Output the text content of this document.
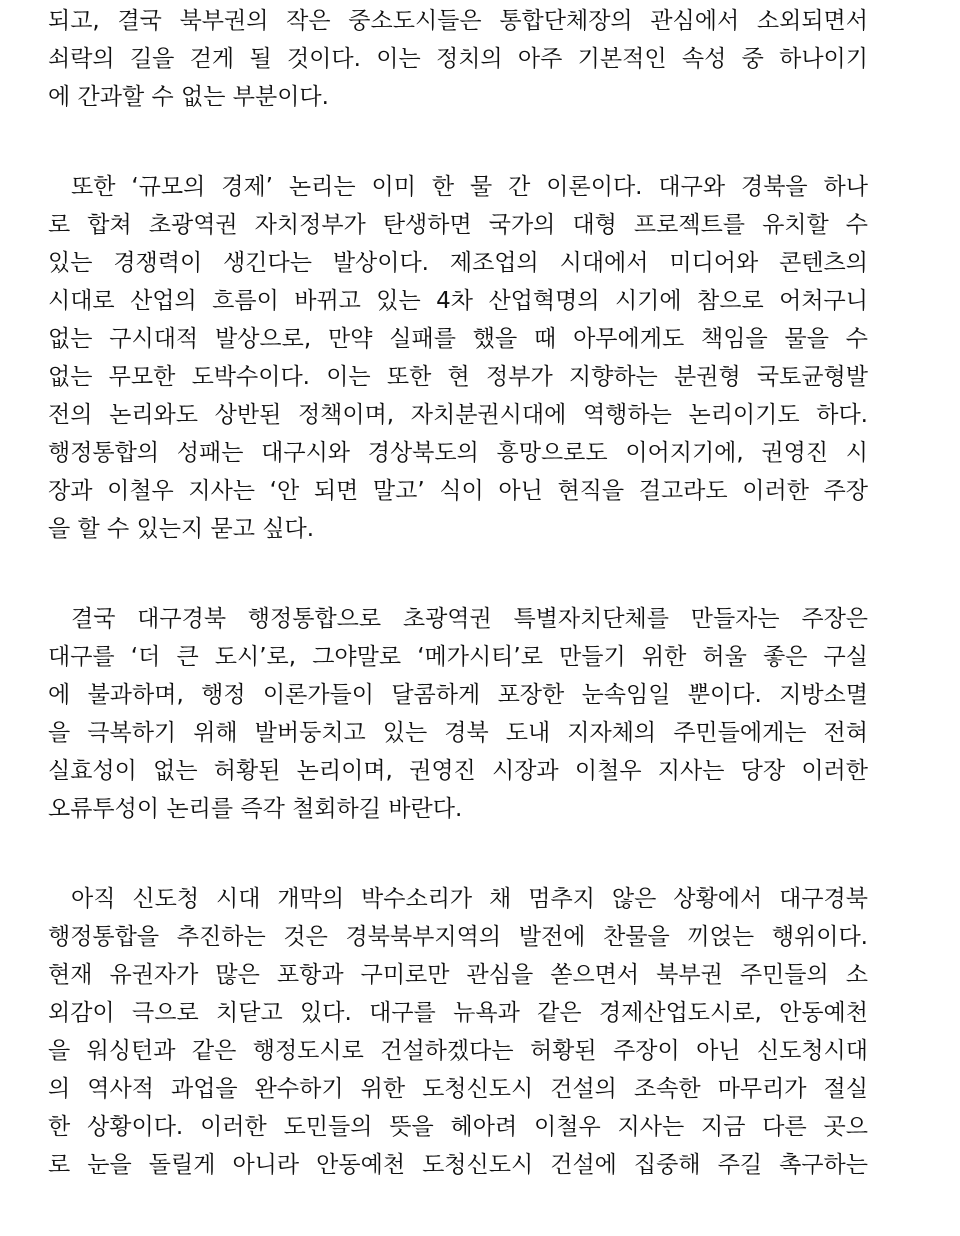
되고, 결국 북부권의 작은 중소도시들은 통합단체장의 관심에서 소외되면서
쇠락의 길을 걷게 될 것이다. 이는 정치의 아주 기본적인 속성 중 하나이기
에 간과할 수 없는 부분이다.
또한 ‘규모의 경제’ 논리는 이미 한 물 간 이론이다. 대구와 경북을 하나
로 합쳐 초광역권 자치정부가 탄생하면 국가의 대형 프로젝트를 유치할 수
있는 경쟁력이 생긴다는 발상이다. 제조업의 시대에서 미디어와 콘텐츠의
시대로 산업의 흐름이 바뀌고 있는 4차 산업혁명의 시기에 참으로 어처구니
없는 구시대적 발상으로, 만약 실패를 했을 때 아무에게도 책임을 물을 수
없는 무모한 도박수이다. 이는 또한 현 정부가 지향하는 분권형 국토균형발
전의 논리와도 상반된 정책이며, 자치분권시대에 역행하는 논리이기도 하다.
행정통합의 성패는 대구시와 경상북도의 흥망으로도 이어지기에, 권영진 시
장과 이철우 지사는 ‘안 되면 말고’ 식이 아닌 현직을 걸고라도 이러한 주장
을 할 수 있는지 묻고 싶다.
결국 대구경북 행정통합으로 초광역권 특별자치단체를 만들자는 주장은
대구를 ‘더 큰 도시’로, 그야말로 ‘메가시티’로 만들기 위한 허울 좋은 구실
에 불과하며, 행정 이론가들이 달콤하게 포장한 눈속임일 뿐이다. 지방소멸
을 극복하기 위해 발버둥치고 있는 경북 도내 지자체의 주민들에게는 전혀
실효성이 없는 허황된 논리이며, 권영진 시장과 이철우 지사는 당장 이러한
오류투성이 논리를 즉각 철회하길 바란다.
아직 신도청 시대 개막의 박수소리가 채 멈추지 않은 상황에서 대구경북
행정통합을 추진하는 것은 경북북부지역의 발전에 찬물을 끼얹는 행위이다.
현재 유권자가 많은 포항과 구미로만 관심을 쏟으면서 북부권 주민들의 소
외감이 극으로 치닫고 있다. 대구를 뉴욕과 같은 경제산업도시로, 안동예천
을 워싱턴과 같은 행정도시로 건설하겠다는 허황된 주장이 아닌 신도청시대
의 역사적 과업을 완수하기 위한 도청신도시 건설의 조속한 마무리가 절실
한 상황이다. 이러한 도민들의 뜻을 헤아려 이철우 지사는 지금 다른 곳으
로 눈을 돌릴게 아니라 안동예천 도청신도시 건설에 집중해 주길 촉구하는
